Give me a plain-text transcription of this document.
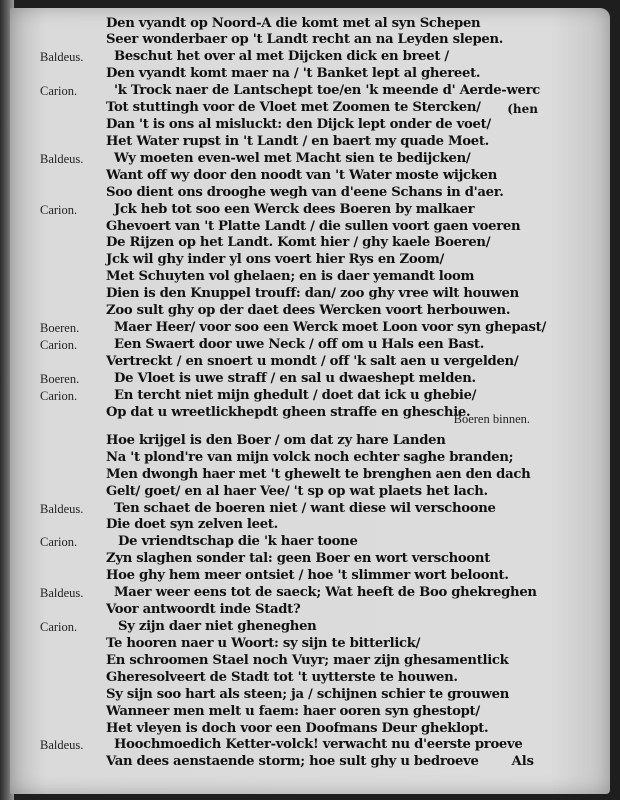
Den vyandt op Noord-A die komt met al syn Schepen
Seer wonderbaer op 't Landt recht an na Leyden slepen.
Baldeus. Beschut het over al met Dijcken dick en breet /
Den vyandt komt maer na / 't Banket lept al ghereet.
Carion.	'k Trock naer de Lantschept toe/en 'k meende d' Aerde-werc
Tot stuttingh voor de Vloet met Zoomen te Stercken/
Dan 't is ons al misluckt: den Dijck lept onder de voet/
Het Water rupst in 't Landt / en baert my quade Moet.
Baldeus. Wy moeten even-wel met Macht sien te bedijcken/
Want off wy door den noodt van 't Water moste wijcken
Soo dient ons drooghe wegh van d'eene Schans in d'aer.
Carion.	Jck heb tot soo een Werck dees Boeren by malkaer
Ghevoert van 't Platte Landt / die sullen voort gaen voeren
De Rijzen op het Landt. Komt hier / ghy kaele Boeren/
Jck wil ghy inder yl ons voert hier Rys en Zoom/
Met Schuyten vol ghelaen; en is daer yemandt loom
Dien is den Knuppel trouff: dan/ zoo ghy vree wilt houwen
Zoo sult ghy op der daet dees Wercken voort herbouwen.
Boeren.	Maer Heer/ voor soo een Werck moet Loon voor syn ghepast/
Carion.	Een Swaert door uwe Neck / off om u Hals een Bast.
Vertreckt / en snoert u mondt / off 'k salt aen u vergelden/
Boeren.	De Vloet is uwe straff / en sal u dwaeshept melden.
Carion.	En tercht niet mijn ghedult / doet dat ick u ghebie/
Op dat u wreetlickhepdt gheen straffe en gheschie.
Hoe krijgel is den Boer / om dat zy hare Landen
Na 't plond're van mijn volck noch echter saghe branden;
Men dwongh haer met 't ghewelt te brenghen aen den dach
Gelt/ goet/ en al haer Vee/ 't sp op wat plaets het lach.
Baldeus. Ten schaet de boeren niet / want diese wil verschoone
Die doet syn zelven leet.
Carion.	De vriendtschap die 'k haer toone
Zyn slaghen sonder tal: geen Boer en wort verschoont
Hoe ghy hem meer ontsiet / hoe 't slimmer wort beloont.
Baldeus. Maer weer eens tot de saeck; Wat heeft de Boo ghekreghen
Voor antwoordt inde Stadt?
Carion.	Sy zijn daer niet gheneghen
Te hooren naer u Woort: sy sijn te bitterlick/
En schroomen Stael noch Vuyr; maer zijn ghesamentlick
Gheresolveert de Stadt tot 't uytterste te houwen.
Sy sijn soo hart als steen; ja / schijnen schier te grouwen
Wanneer men melt u faem: haer ooren syn ghestopt/
Het vleyen is doch voor een Doofmans Deur gheklopt.
Baldeus. Hoochmoedich Ketter-volck! verwacht nu d'eerste proeve
Van dees aenstaende storm; hoe sult ghy u bedroeve
(hen
Boeren binnen.
Als
